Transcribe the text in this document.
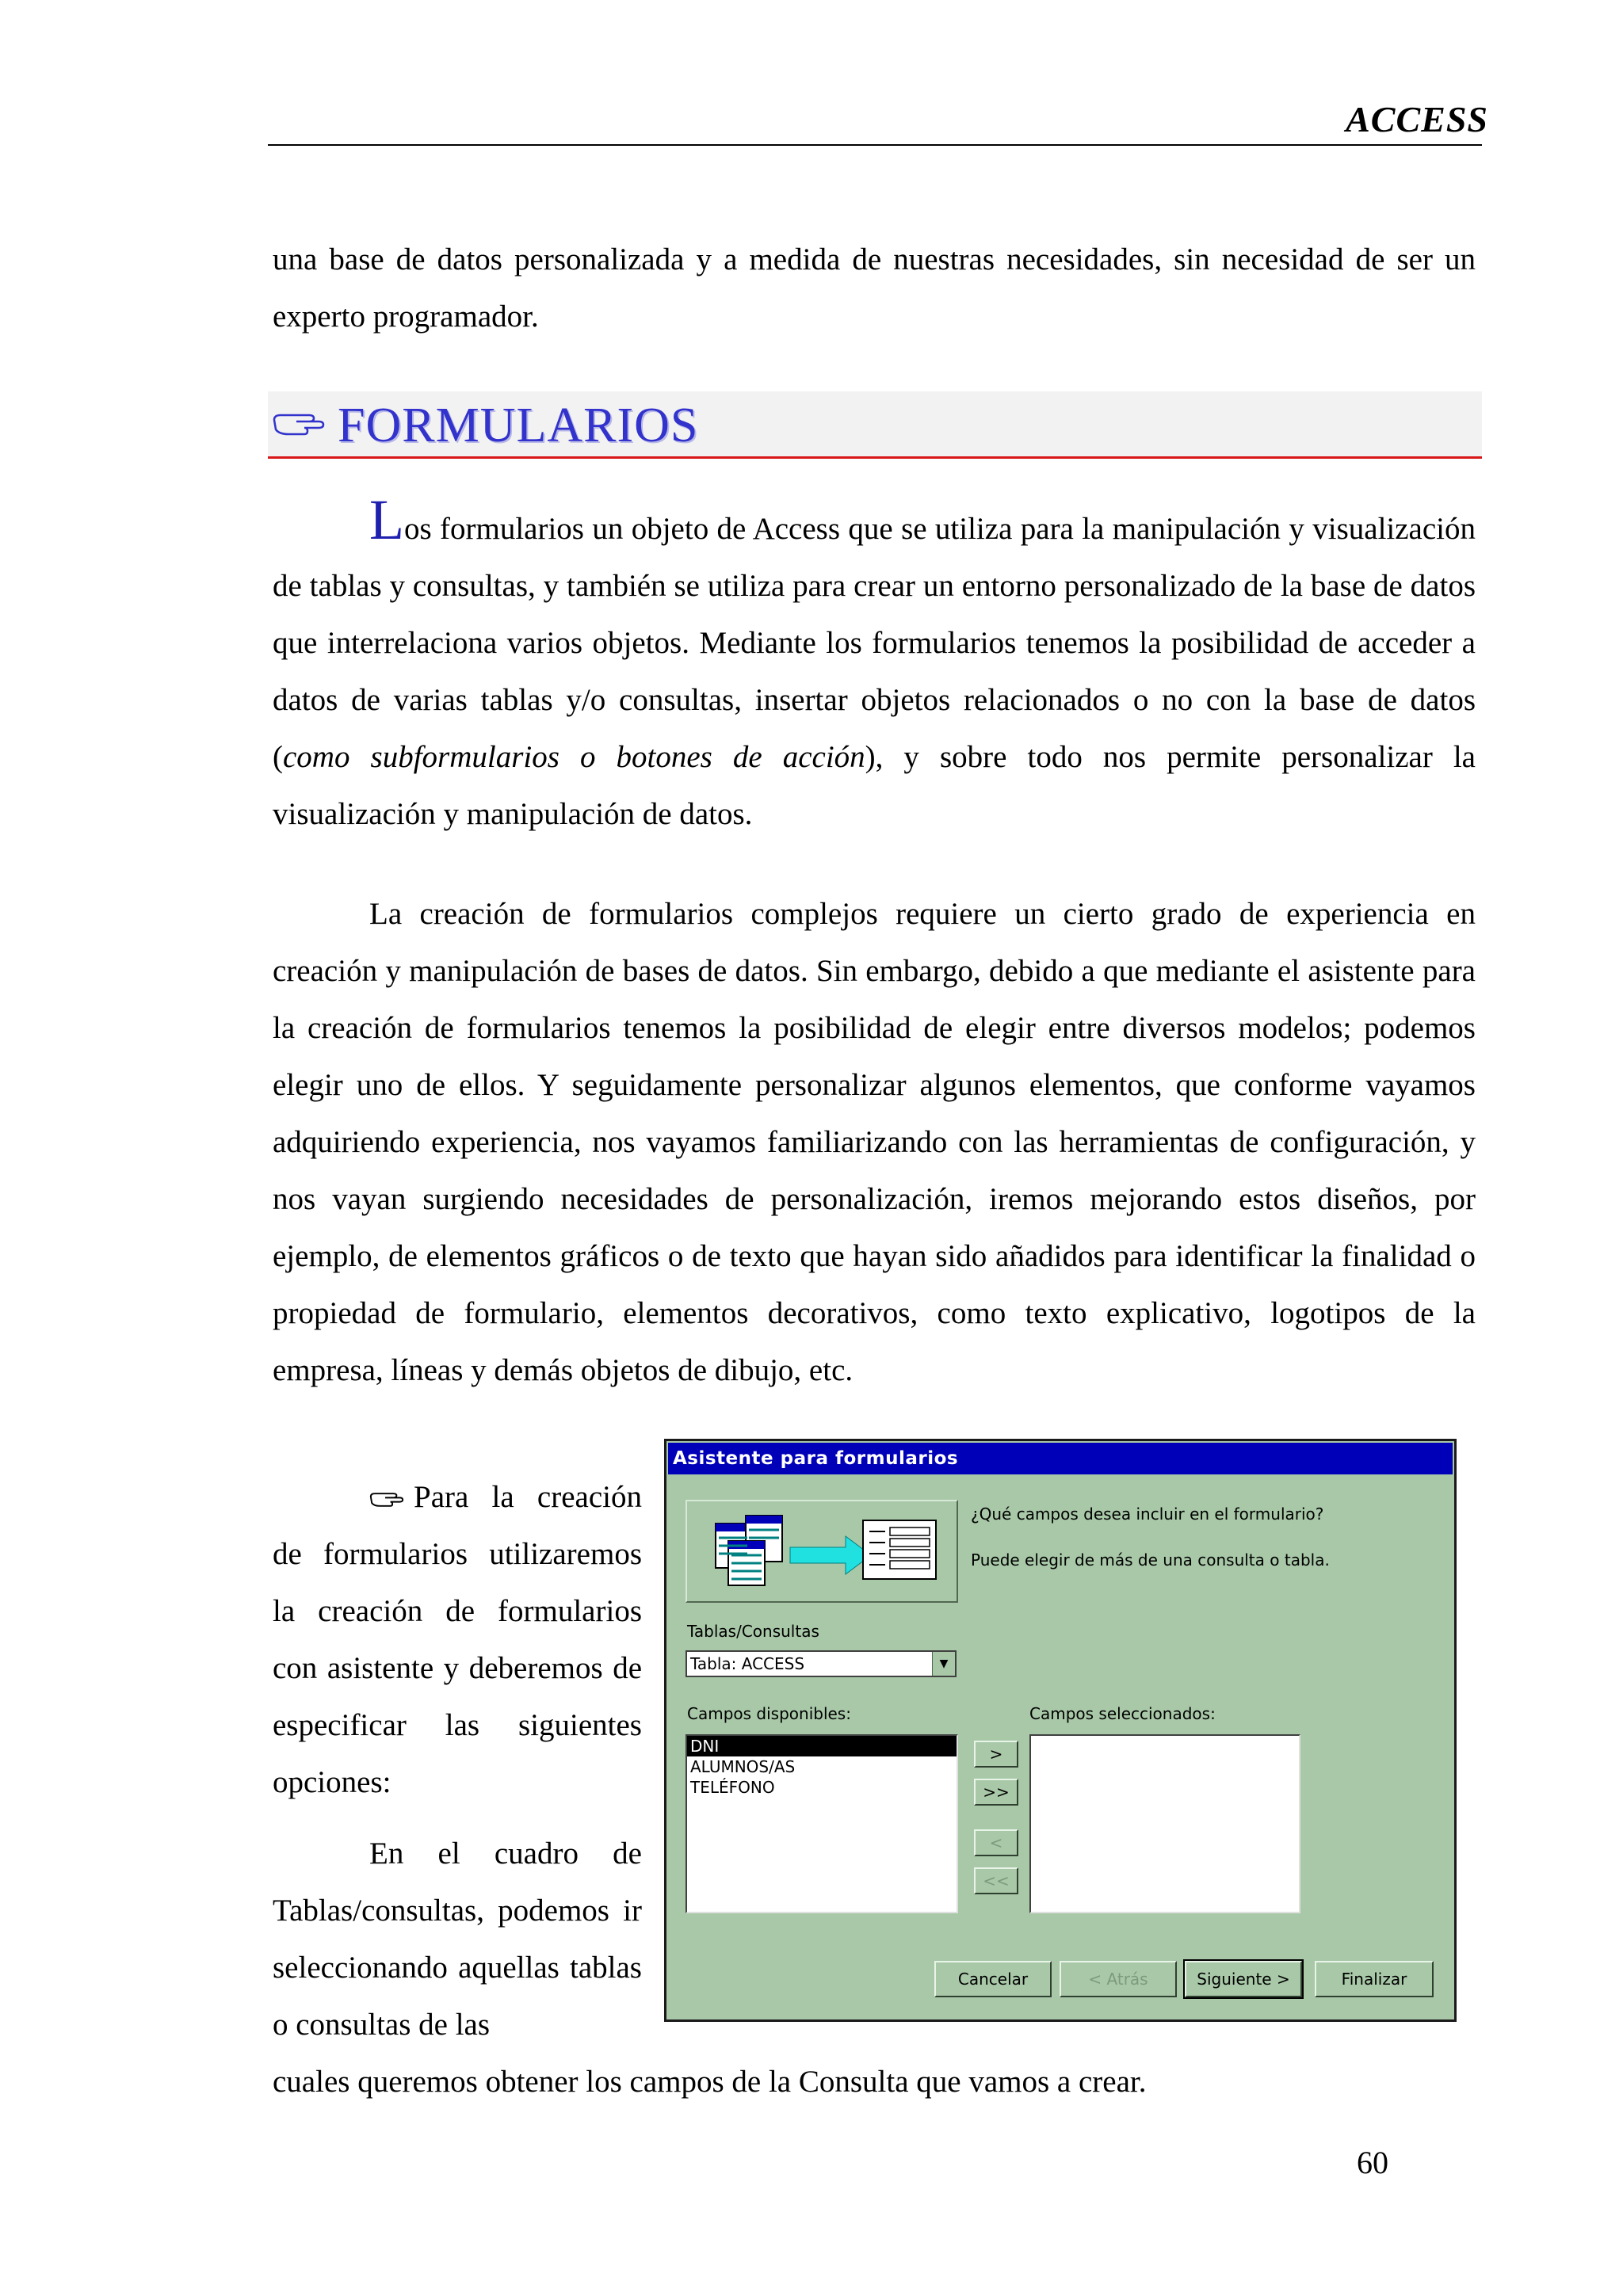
ACCESS
una base de datos personalizada y a medida de nuestras necesidades, sin necesidad de ser un experto programador.
FORMULARIOS
Los formularios un objeto de Access que se utiliza para la manipulación y visualización de tablas y consultas, y también se utiliza para crear un entorno personalizado de la base de datos que interrelaciona varios objetos. Mediante los formularios tenemos la posibilidad de acceder a datos de varias tablas y/o consultas, insertar objetos relacionados o no con la base de datos (como subformularios o botones de acción), y sobre todo nos permite personalizar la visualización y manipulación de datos.
La creación de formularios complejos requiere un cierto grado de experiencia en creación y manipulación de bases de datos. Sin embargo, debido a que mediante el asistente para la creación de formularios tenemos la posibilidad de elegir entre diversos modelos; podemos elegir uno de ellos. Y seguidamente personalizar algunos elementos, que conforme vayamos adquiriendo experiencia, nos vayamos familiarizando con las herramientas de configuración, y nos vayan surgiendo necesidades de personalización, iremos mejorando estos diseños, por ejemplo, de elementos gráficos o de texto que hayan sido añadidos para identificar la finalidad o propiedad de formulario, elementos decorativos, como texto explicativo, logotipos de la empresa, líneas y demás objetos de dibujo, etc.
Para la creación de formularios utilizaremos la creación de formularios con asistente y deberemos de especificar las siguientes opciones:
En el cuadro de Tablas/consultas, podemos ir seleccionando aquellas tablas o consultas de las
cuales queremos obtener los campos de la Consulta que vamos a crear.
60
Asistente para formularios
¿Qué campos desea incluir en el formulario?
Puede elegir de más de una consulta o tabla.
Tablas/Consultas
Tabla: ACCESS	▼
Campos disponibles:	Campos seleccionados:
DNI
ALUMNOS/AS
TELÉFONO
>
>>
<
<<
Cancelar	< Atrás	Siguiente >	Finalizar
